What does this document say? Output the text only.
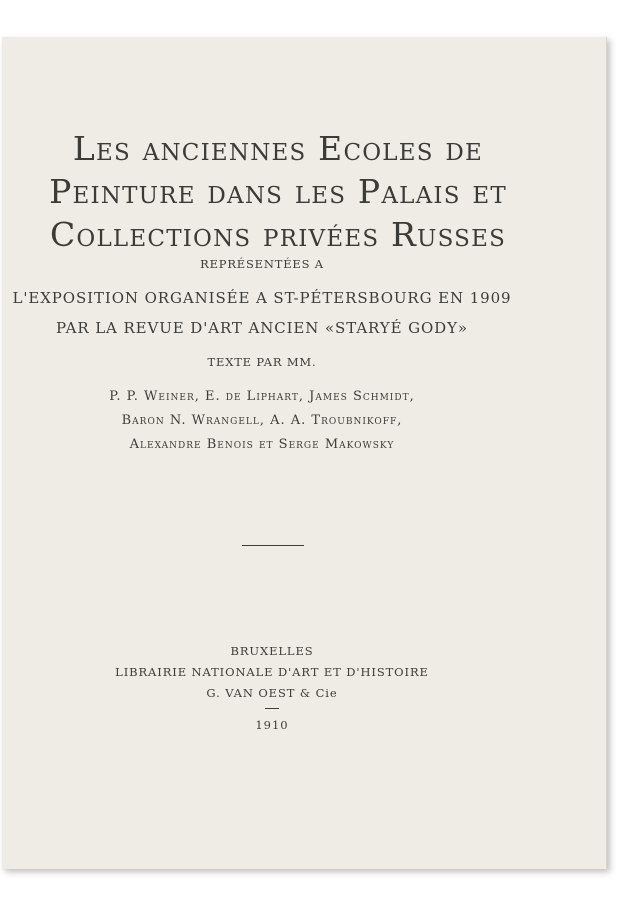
Les anciennes Ecoles de
Peinture dans les Palais et
Collections privées Russes
REPRÉSENTÉES A
L'EXPOSITION ORGANISÉE A ST-PÉTERSBOURG EN 1909
PAR LA REVUE D'ART ANCIEN «STARYÉ GODY»
TEXTE PAR MM.
P. P. Weiner, E. de Liphart, James Schmidt,
Baron N. Wrangell, A. A. Troubnikoff,
Alexandre Benois et Serge Makowsky
BRUXELLES
LIBRAIRIE NATIONALE D'ART ET D'HISTOIRE
G. VAN OEST & Cie
1910
